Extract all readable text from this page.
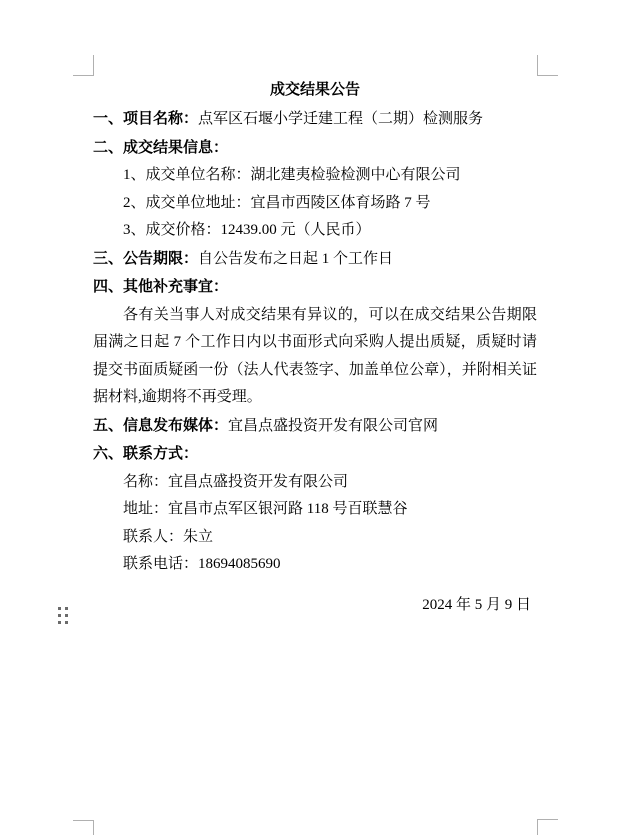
成交结果公告

一、项目名称：点军区石堰小学迁建工程（二期）检测服务

二、成交结果信息：

1、成交单位名称：湖北建夷检验检测中心有限公司

2、成交单位地址：宜昌市西陵区体育场路 7 号

3、成交价格：12439.00 元（人民币）

三、公告期限：自公告发布之日起 1 个工作日

四、其他补充事宜：

各有关当事人对成交结果有异议的，可以在成交结果公告期限届满之日起 7 个工作日内以书面形式向采购人提出质疑，质疑时请提交书面质疑函一份（法人代表签字、加盖单位公章），并附相关证据材料,逾期将不再受理。

五、信息发布媒体：宜昌点盛投资开发有限公司官网

六、联系方式：

名称：宜昌点盛投资开发有限公司

地址：宜昌市点军区银河路 118 号百联慧谷

联系人：朱立

联系电话：18694085690

2024 年 5 月 9 日
